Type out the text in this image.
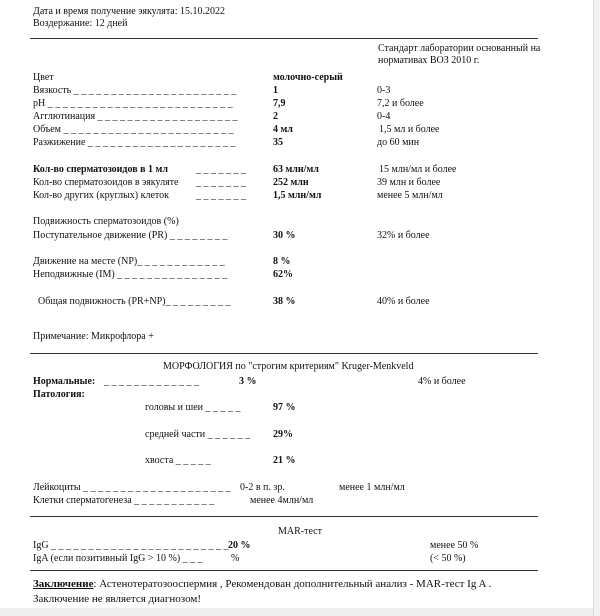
Дата и время получение эякулята: 15.10.2022
Воздержание: 12 дней
Стандарт лаборатории основанный на
нормативах ВОЗ 2010 г.
Цвет	молочно-серый
Вязкость _ _ _ _ _ _ _ _ _ _ _ _ _ _ _ _ _ _ _ _ _ _	1	0-3
pH _ _ _ _ _ _ _ _ _ _ _ _ _ _ _ _ _ _ _ _ _ _ _ _ _	7,9	7,2 и более
Агглютинация _ _ _ _ _ _ _ _ _ _ _ _ _ _ _ _ _ _ _	2	0-4
Объем _ _ _ _ _ _ _ _ _ _ _ _ _ _ _ _ _ _ _ _ _ _ _	4 мл	1,5 мл и более
Разжижение _ _ _ _ _ _ _ _ _ _ _ _ _ _ _ _ _ _ _ _	35	до 60 мин
Кол-во сперматозоидов в 1 мл	_ _ _ _ _ _ _	63 млн/мл	15 млн/мл и более
Кол-во сперматозоидов в эякуляте _ _ _ _ _ _ _	252 млн	39 млн и более
Кол-во других (круглых) клеток	_ _ _ _ _ _ _	1,5 млн/мл	менее 5 млн/мл
Подвижность сперматозоидов (%)
Поступательное движение (PR) _ _ _ _ _ _ _ _	30 %	32% и более
Движение на месте (NP)_ _ _ _ _ _ _ _ _ _ _ _	8 %
Неподвижные (IM) _ _ _ _ _ _ _ _ _ _ _ _ _ _ _	62%
Общая подвижность (PR+NP)_ _ _ _ _ _ _ _ _	38 %	40% и более
Примечание: Микрофлора +
МОРФОЛОГИЯ по "строгим критериям" Kruger-Menkveld
Нормальные: _ _ _ _ _ _ _ _ _ _ _ _ _	3 %	4% и более
Патология:
головы и шеи _ _ _ _ _	97 %
средней части _ _ _ _ _ _ 29%
хвоста _ _ _ _ _	21 %
Лейкоциты _ _ _ _ _ _ _ _ _ _ _ _ _ _ _ _ _ _ _ _ 0-2 в п. зр.	менее 1 млн/мл
Клетки сперматогенеза _ _ _ _ _ _ _ _ _ _ _	менее 4млн/мл
MAR-тест
IgG _ _ _ _ _ _ _ _ _ _ _ _ _ _ _ _ _ _ _ _ _ _ _ _ 20 %	менее 50 %
IgA (если позитивный IgG > 10 %) _ _ _	%	(< 50 %)
Заключение: Астенотератозооспермия , Рекомендован дополнительный анализ - MAR-тест Ig A .
Заключение не является диагнозом!
